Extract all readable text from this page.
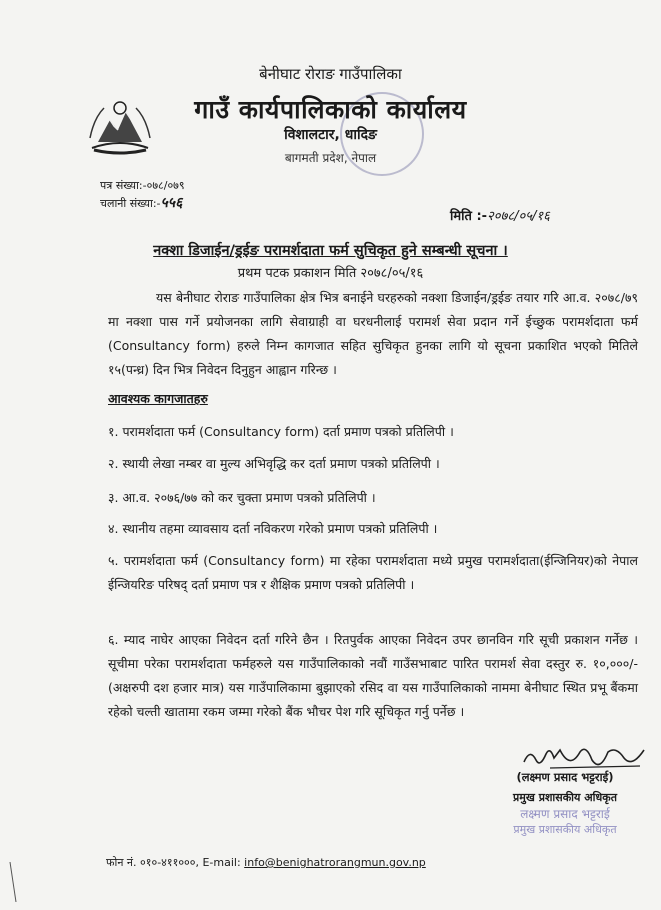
बेनीघाट रोराङ गाउँपालिका
गाउँ कार्यपालिकाको कार्यालय
विशालटार, धादिङ
बागमती प्रदेश, नेपाल
पत्र संख्या:-०७८/०७९
चलानी संख्या:-५५६
मिति :-२०७८/०५/१६
नक्शा डिजाईन/ड्रईङ परामर्शदाता फर्म सुचिकृत हुने सम्बन्धी सूचना ।
प्रथम पटक प्रकाशन मिति २०७८/०५/१६
यस बेनीघाट रोराङ गाउँपालिका क्षेत्र भित्र बनाईने घरहरुको नक्शा डिजाईन/ड्रईङ तयार गरि आ.व. २०७८/७९ मा नक्शा पास गर्ने प्रयोजनका लागि सेवाग्राही वा घरधनीलाई परामर्श सेवा प्रदान गर्ने ईच्छुक परामर्शदाता फर्म (Consultancy form) हरुले निम्न कागजात सहित सुचिकृत हुनका लागि यो सूचना प्रकाशित भएको मितिले १५(पन्ध्र) दिन भित्र निवेदन दिनुहुन आह्वान गरिन्छ ।
आवश्यक कागजातहरु
१. परामर्शदाता फर्म (Consultancy form) दर्ता प्रमाण पत्रको प्रतिलिपी ।
२. स्थायी लेखा नम्बर वा मुल्य अभिवृद्धि कर दर्ता प्रमाण पत्रको प्रतिलिपी ।
३. आ.व. २०७६/७७ को कर चुक्ता प्रमाण पत्रको प्रतिलिपी ।
४. स्थानीय तहमा व्यावसाय दर्ता नविकरण गरेको प्रमाण पत्रको प्रतिलिपी ।
५. परामर्शदाता फर्म (Consultancy form) मा रहेका परामर्शदाता मध्ये प्रमुख परामर्शदाता(ईन्जिनियर)को नेपाल ईन्जियरिङ परिषद् दर्ता प्रमाण पत्र र शैक्षिक प्रमाण पत्रको प्रतिलिपी ।
६. म्याद नाघेर आएका निवेदन दर्ता गरिने छैन । रितपुर्वक आएका निवेदन उपर छानविन गरि सूची प्रकाशन गर्नेछ । सूचीमा परेका परामर्शदाता फर्महरुले यस गाउँपालिकाको नवौं गाउँसभाबाट पारित परामर्श सेवा दस्तुर रु. १०,०००/- (अक्षरुपी दश हजार मात्र) यस गाउँपालिकामा बुझाएको रसिद वा यस गाउँपालिकाको नाममा बेनीघाट स्थित प्रभू बैंकमा रहेको चल्ती खातामा रकम जम्मा गरेको बैंक भौचर पेश गरि सूचिकृत गर्नु पर्नेछ ।
(लक्ष्मण प्रसाद भट्टराई)
प्रमुख प्रशासकीय अधिकृत
लक्ष्मण प्रसाद भट्टराई
प्रमुख प्रशासकीय अधिकृत
फोन नं. ०१०-४११०००, E-mail: info@benighatrorangmun.gov.np
